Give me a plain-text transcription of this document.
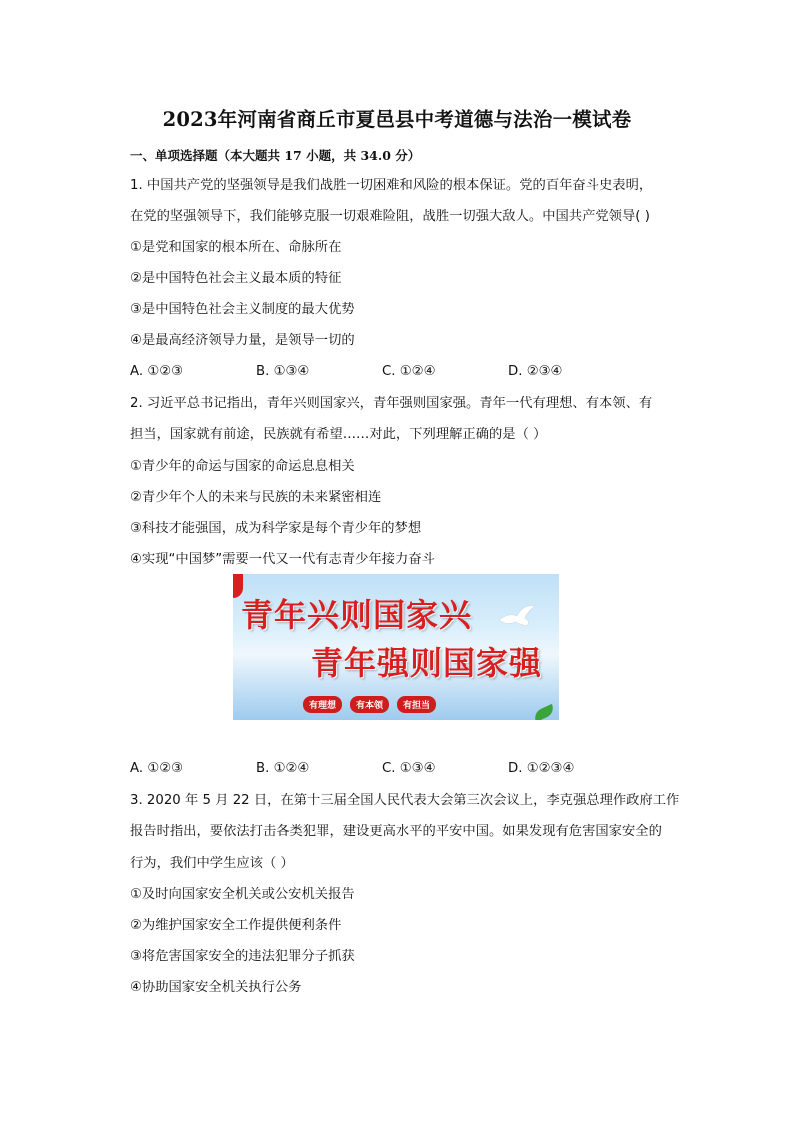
2023年河南省商丘市夏邑县中考道德与法治一模试卷
一、单项选择题（本大题共 17 小题，共 34.0 分）
1. 中国共产党的坚强领导是我们战胜一切困难和风险的根本保证。党的百年奋斗史表明，
在党的坚强领导下，我们能够克服一切艰难险阻，战胜一切强大敌人。中国共产党领导( )
①是党和国家的根本所在、命脉所在
②是中国特色社会主义最本质的特征
③是中国特色社会主义制度的最大优势
④是最高经济领导力量，是领导一切的
A. ①②③	B. ①③④	C. ①②④	D. ②③④
2. 习近平总书记指出，青年兴则国家兴，青年强则国家强。青年一代有理想、有本领、有
担当，国家就有前途，民族就有希望……对此，下列理解正确的是（ ）
①青少年的命运与国家的命运息息相关
②青少年个人的未来与民族的未来紧密相连
③科技才能强国，成为科学家是每个青少年的梦想
④实现“中国梦”需要一代又一代有志青少年接力奋斗
青年兴则国家兴
青年强则国家强
有理想	有本领	有担当
A. ①②③	B. ①②④	C. ①③④	D. ①②③④
3. 2020 年 5 月 22 日，在第十三届全国人民代表大会第三次会议上，李克强总理作政府工作
报告时指出，要依法打击各类犯罪，建设更高水平的平安中国。如果发现有危害国家安全的
行为，我们中学生应该（ ）
①及时向国家安全机关或公安机关报告
②为维护国家安全工作提供便利条件
③将危害国家安全的违法犯罪分子抓获
④协助国家安全机关执行公务
